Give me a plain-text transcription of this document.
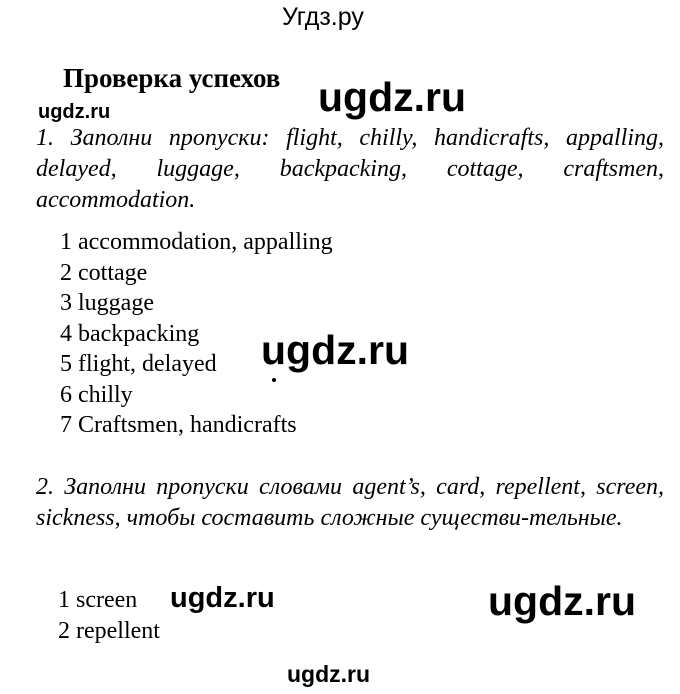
Угдз.ру
Проверка успехов ugdz.ru
ugdz.ru
1. Заполни пропуски: flight, chilly, handicrafts, appalling, delayed, luggage, backpacking, cottage, craftsmen, accommodation.
1 accommodation, appalling
2 cottage
3 luggage
4 backpacking
5 flight, delayed
6 chilly
7 Craftsmen, handicrafts
ugdz.ru
2. Заполни пропуски словами agent’s, card, repellent, screen, sickness, чтобы составить сложные существи-тельные.
1 screen
2 repellent
ugdz.ru	ugdz.ru
ugdz.ru
